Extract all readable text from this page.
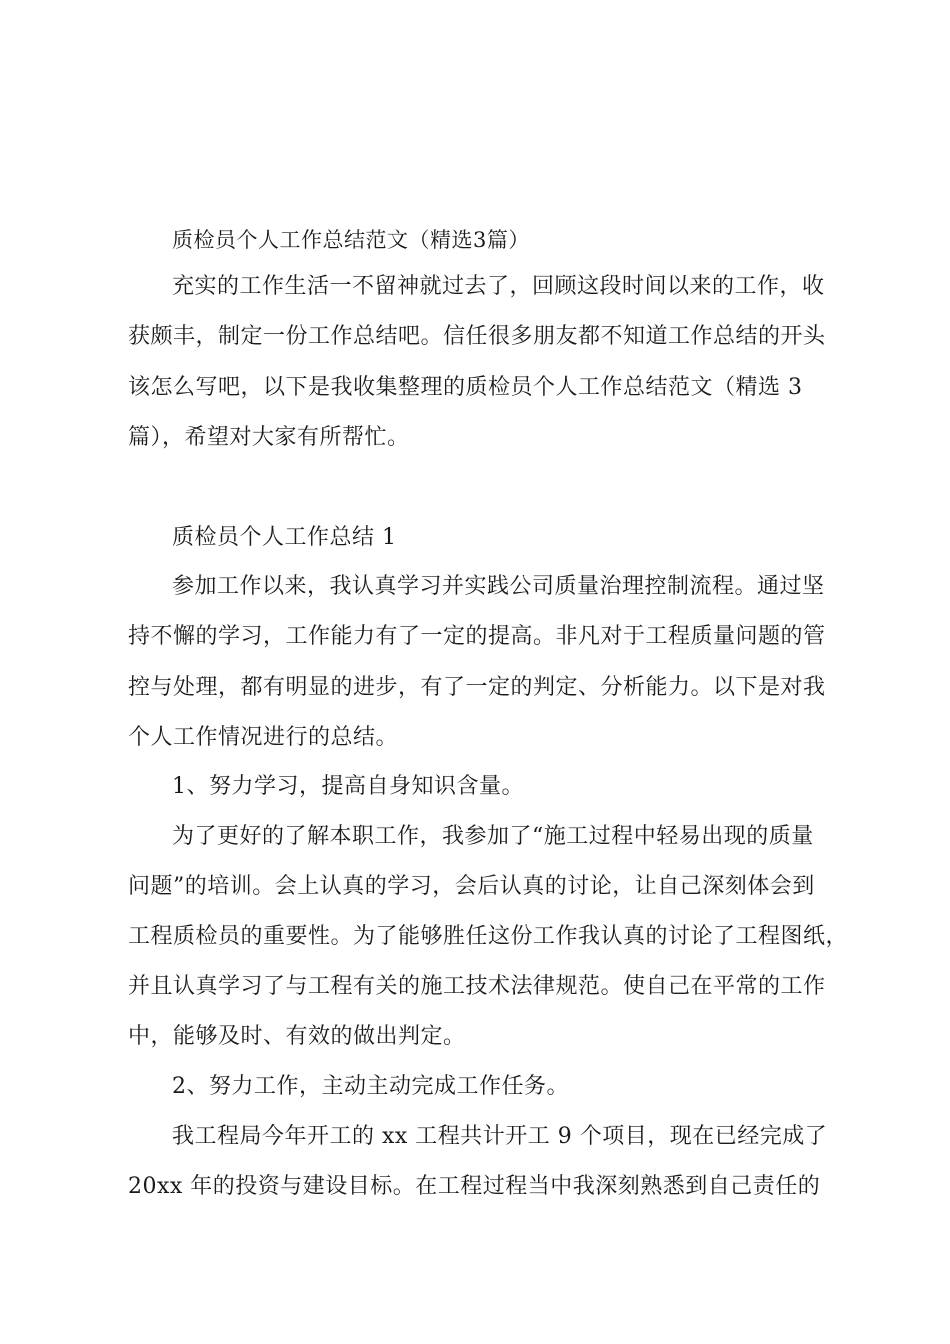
质检员个人工作总结范文（精选3篇）
充实的工作生活一不留神就过去了，回顾这段时间以来的工作，收
获颇丰，制定一份工作总结吧。信任很多朋友都不知道工作总结的开头
该怎么写吧，以下是我收集整理的质检员个人工作总结范文（精选 3
篇），希望对大家有所帮忙。
质检员个人工作总结 1
参加工作以来，我认真学习并实践公司质量治理控制流程。通过坚
持不懈的学习，工作能力有了一定的提高。非凡对于工程质量问题的管
控与处理，都有明显的进步，有了一定的判定、分析能力。以下是对我
个人工作情况进行的总结。
1、努力学习，提高自身知识含量。
为了更好的了解本职工作，我参加了“施工过程中轻易出现的质量
问题”的培训。会上认真的学习，会后认真的讨论，让自己深刻体会到
工程质检员的重要性。为了能够胜任这份工作我认真的讨论了工程图纸，
并且认真学习了与工程有关的施工技术法律规范。使自己在平常的工作
中，能够及时、有效的做出判定。
2、努力工作，主动主动完成工作任务。
我工程局今年开工的 xx 工程共计开工 9 个项目，现在已经完成了
20xx 年的投资与建设目标。在工程过程当中我深刻熟悉到自己责任的
